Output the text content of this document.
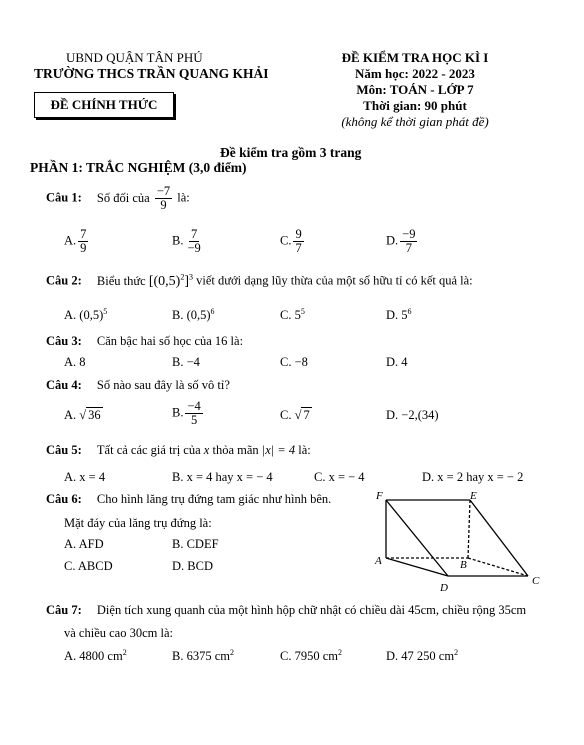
UBND QUẬN TÂN PHÚ
TRƯỜNG THCS TRẦN QUANG KHẢI
ĐỀ CHÍNH THỨC
ĐỀ KIỂM TRA HỌC KÌ I
Năm học: 2022 - 2023
Môn: TOÁN - LỚP 7
Thời gian: 90 phút
(không kể thời gian phát đề)
Đề kiểm tra gồm 3 trang
PHẦN 1: TRẮC NGHIỆM (3,0 điểm)
Câu 1: Số đối của $\frac{-7}{9}$ là:
A. $\frac{7}{9}$	B. $\frac{7}{-9}$	C. $\frac{9}{7}$	D. $\frac{-9}{7}$
Câu 2: Biểu thức $[(0,5)^2]^3$ viết dưới dạng lũy thừa của một số hữu tỉ có kết quả là:
A. $(0,5)^5$	B. $(0,5)^6$	C. $5^5$	D. $5^6$
Câu 3: Căn bậc hai số học của 16 là:
A. 8	B. −4	C. −8	D. 4
Câu 4: Số nào sau đây là số vô tỉ?
A. √ 36	B. $\frac{-4}{5}$	C. √ 7	D. −2,(34)
Câu 5: Tất cả các giá trị của x thỏa mãn |x| = 4 là:
A. x = 4	B. x = 4 hay x = − 4	C. x = − 4	D. x = 2 hay x = − 2
Câu 6: Cho hình lăng trụ đứng tam giác như hình bên.
Mặt đáy của lăng trụ đứng là:
A. AFD	B. CDEF
C. ABCD	D. BCD
F	E
A	B
D
C
Câu 7: Diện tích xung quanh của một hình hộp chữ nhật có chiều dài 45cm, chiều rộng 35cm
và chiều cao 30cm là:
A. 4800 $cm^2$	B. 6375 $cm^2$	C. 7950 $cm^2$	D. 47 250 $cm^2$
